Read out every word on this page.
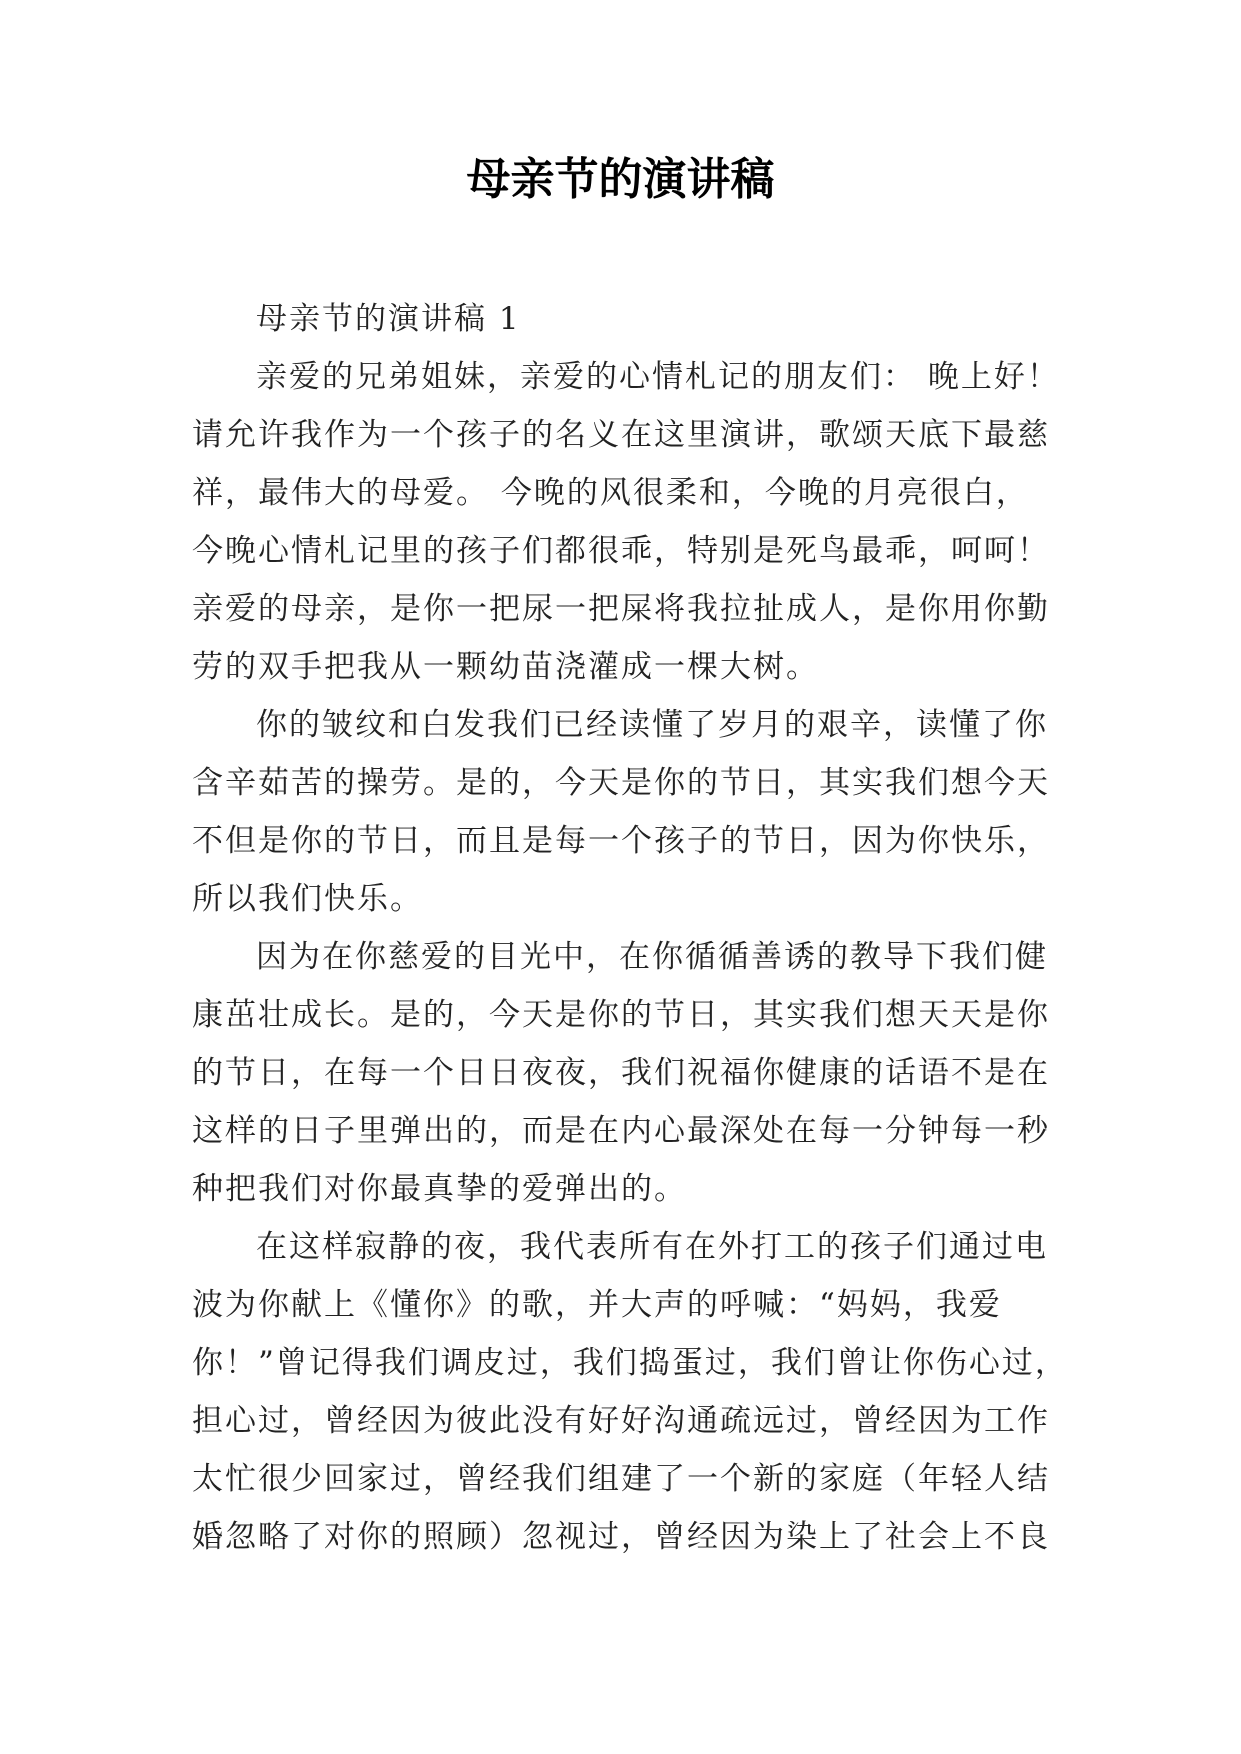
母亲节的演讲稿
母亲节的演讲稿 1
亲爱的兄弟姐妹，亲爱的心情札记的朋友们： 晚上好！
请允许我作为一个孩子的名义在这里演讲，歌颂天底下最慈
祥，最伟大的母爱。 今晚的风很柔和，今晚的月亮很白，
今晚心情札记里的孩子们都很乖，特别是死鸟最乖，呵呵！
亲爱的母亲，是你一把尿一把屎将我拉扯成人，是你用你勤
劳的双手把我从一颗幼苗浇灌成一棵大树。
你的皱纹和白发我们已经读懂了岁月的艰辛，读懂了你
含辛茹苦的操劳。是的，今天是你的节日，其实我们想今天
不但是你的节日，而且是每一个孩子的节日，因为你快乐，
所以我们快乐。
因为在你慈爱的目光中，在你循循善诱的教导下我们健
康茁壮成长。是的，今天是你的节日，其实我们想天天是你
的节日，在每一个日日夜夜，我们祝福你健康的话语不是在
这样的日子里弹出的，而是在内心最深处在每一分钟每一秒
种把我们对你最真挚的爱弹出的。
在这样寂静的夜，我代表所有在外打工的孩子们通过电
波为你献上《懂你》的歌，并大声的呼喊：“妈妈，我爱
你！”曾记得我们调皮过，我们捣蛋过，我们曾让你伤心过，
担心过，曾经因为彼此没有好好沟通疏远过，曾经因为工作
太忙很少回家过，曾经我们组建了一个新的家庭（年轻人结
婚忽略了对你的照顾）忽视过，曾经因为染上了社会上不良
